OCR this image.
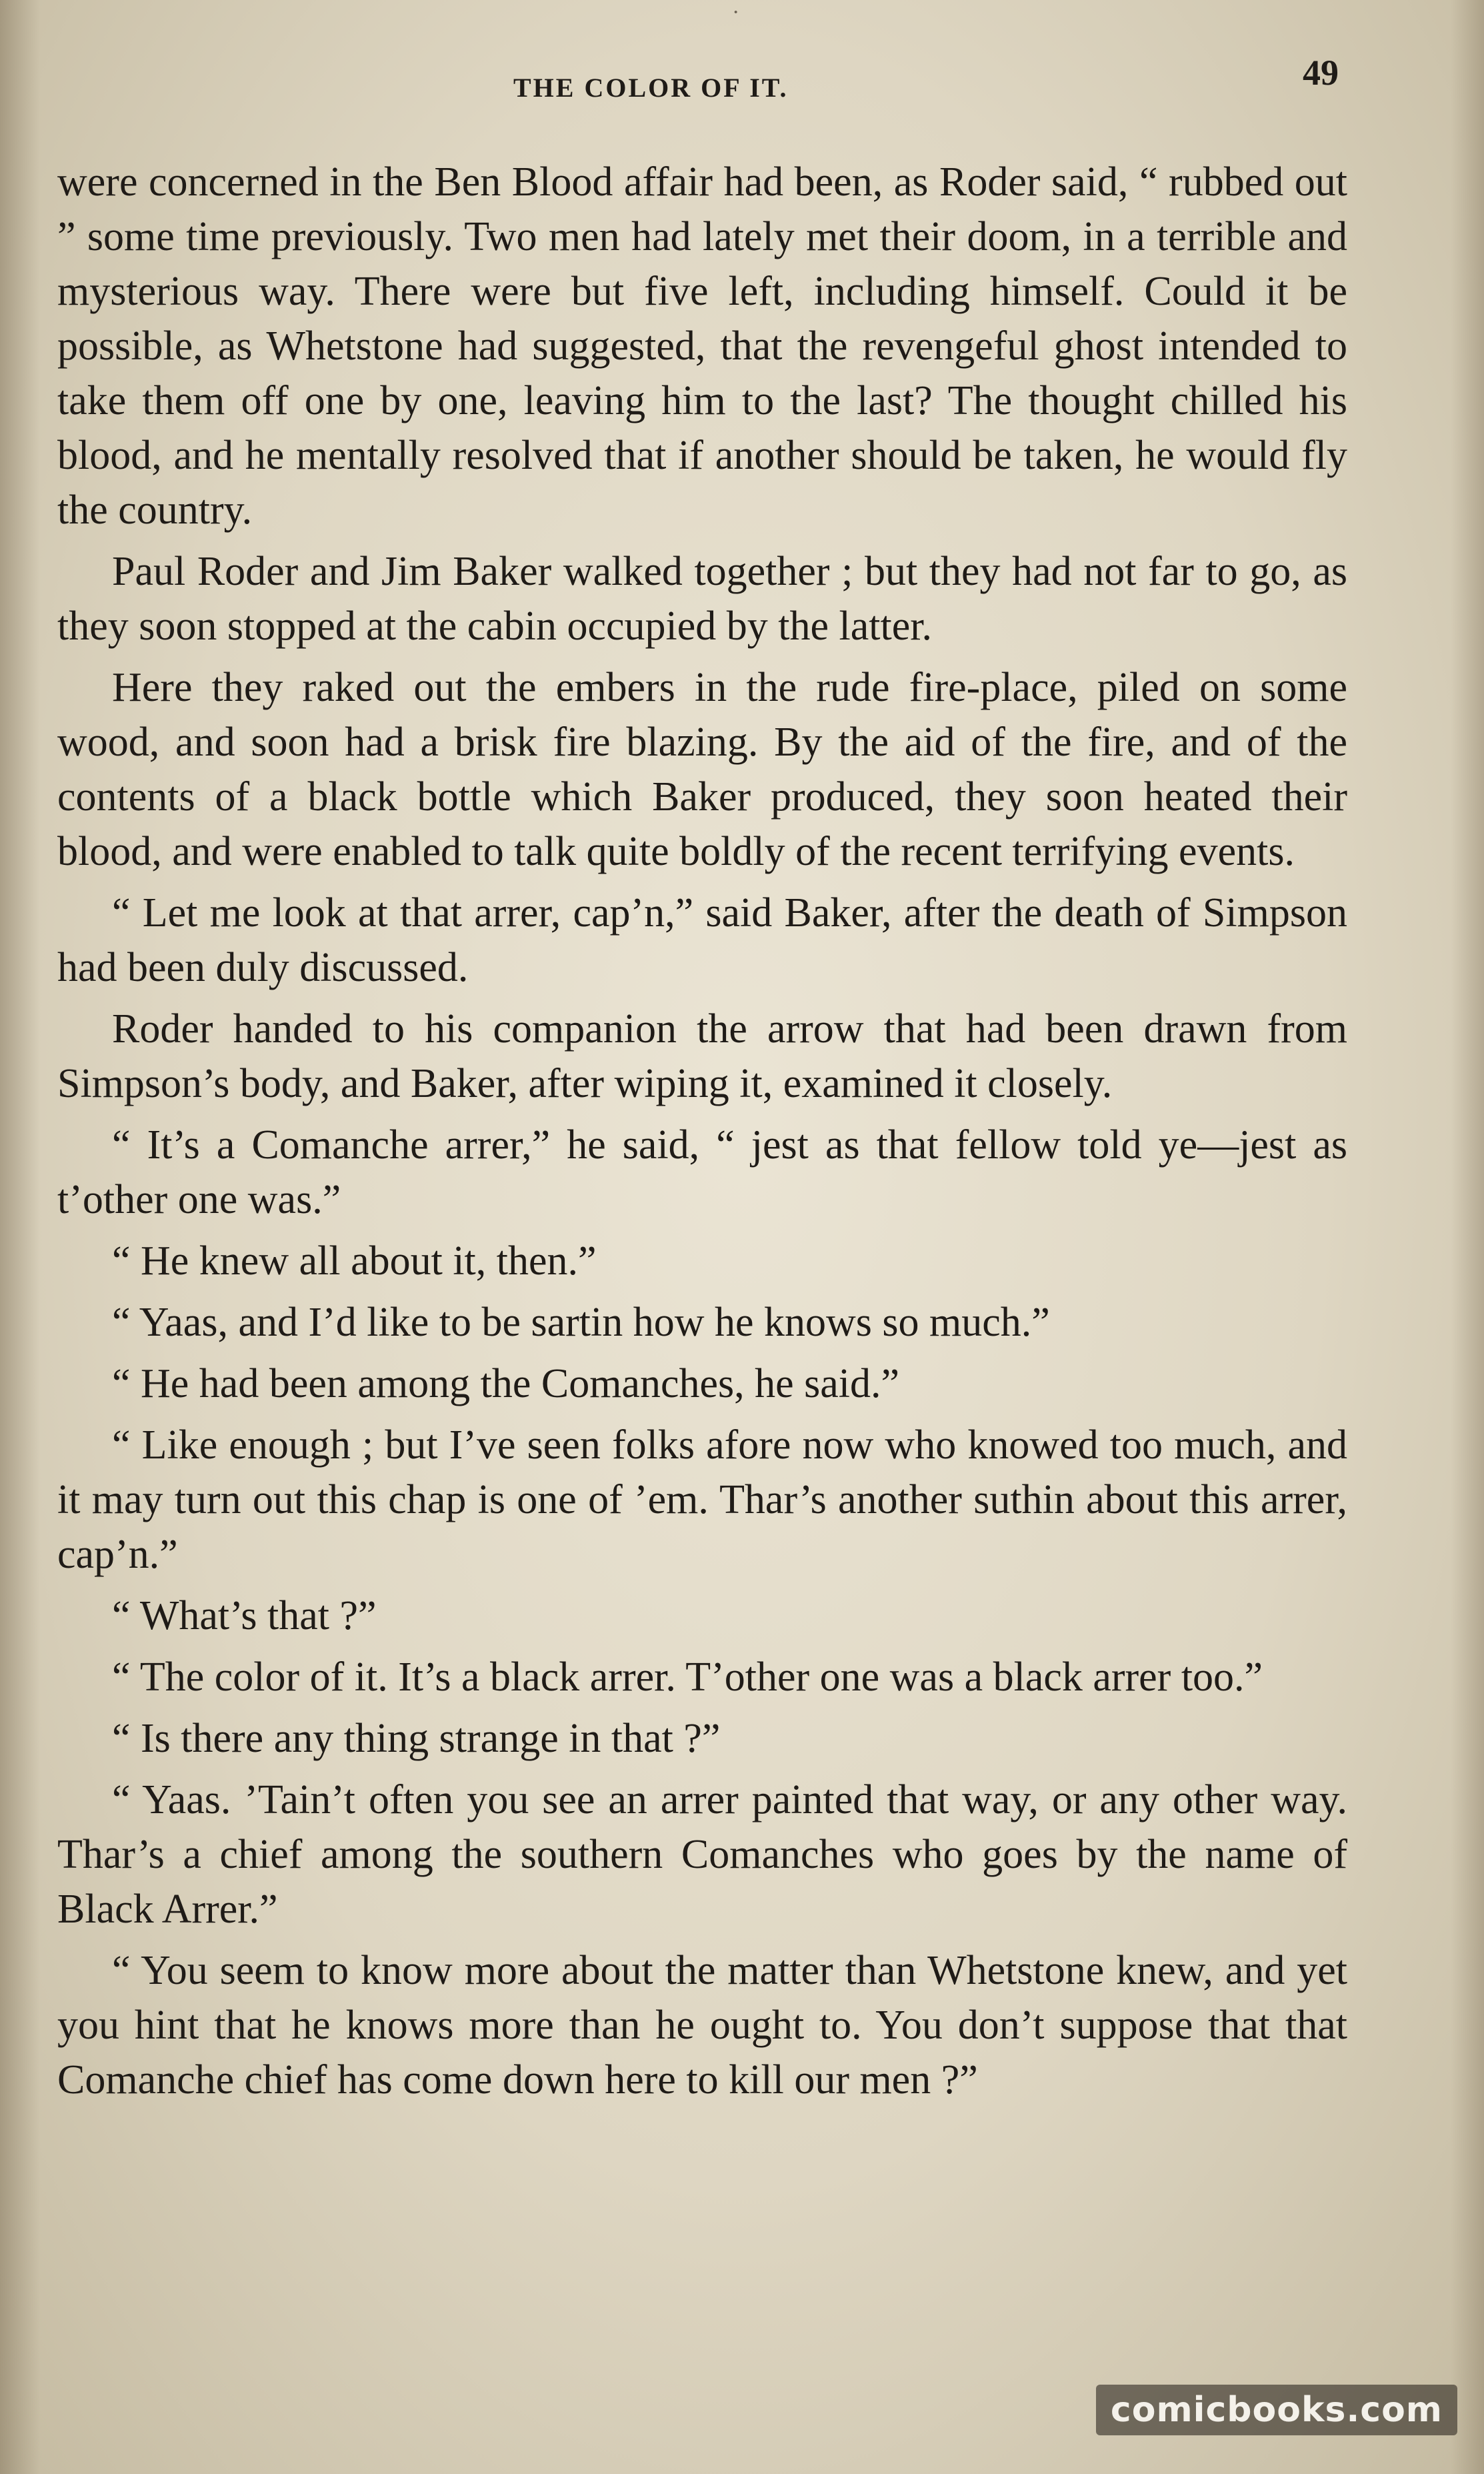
·
THE COLOR OF IT.	49

were concerned in the Ben Blood affair had been, as Roder said, “ rubbed out ” some time previously. Two men had lately met their doom, in a terrible and mysterious way. There were but five left, including himself. Could it be possible, as Whetstone had suggested, that the revengeful ghost intended to take them off one by one, leaving him to the last? The thought chilled his blood, and he mentally resolved that if another should be taken, he would fly the country.

Paul Roder and Jim Baker walked together ; but they had not far to go, as they soon stopped at the cabin occupied by the latter.

Here they raked out the embers in the rude fire-place, piled on some wood, and soon had a brisk fire blazing. By the aid of the fire, and of the contents of a black bottle which Baker produced, they soon heated their blood, and were enabled to talk quite boldly of the recent terrifying events.

“ Let me look at that arrer, cap’n,” said Baker, after the death of Simpson had been duly discussed.

Roder handed to his companion the arrow that had been drawn from Simpson’s body, and Baker, after wiping it, examined it closely.

“ It’s a Comanche arrer,” he said, “ jest as that fellow told ye—jest as t’other one was.”

“ He knew all about it, then.”

“ Yaas, and I’d like to be sartin how he knows so much.”

“ He had been among the Comanches, he said.”

“ Like enough ; but I’ve seen folks afore now who knowed too much, and it may turn out this chap is one of ’em. Thar’s another suthin about this arrer, cap’n.”

“ What’s that ?”

“ The color of it. It’s a black arrer. T’other one was a black arrer too.”

“ Is there any thing strange in that ?”

“ Yaas. ’Tain’t often you see an arrer painted that way, or any other way. Thar’s a chief among the southern Comanches who goes by the name of Black Arrer.”

“ You seem to know more about the matter than Whetstone knew, and yet you hint that he knows more than he ought to. You don’t suppose that that Comanche chief has come down here to kill our men ?”

comicbooks.com
